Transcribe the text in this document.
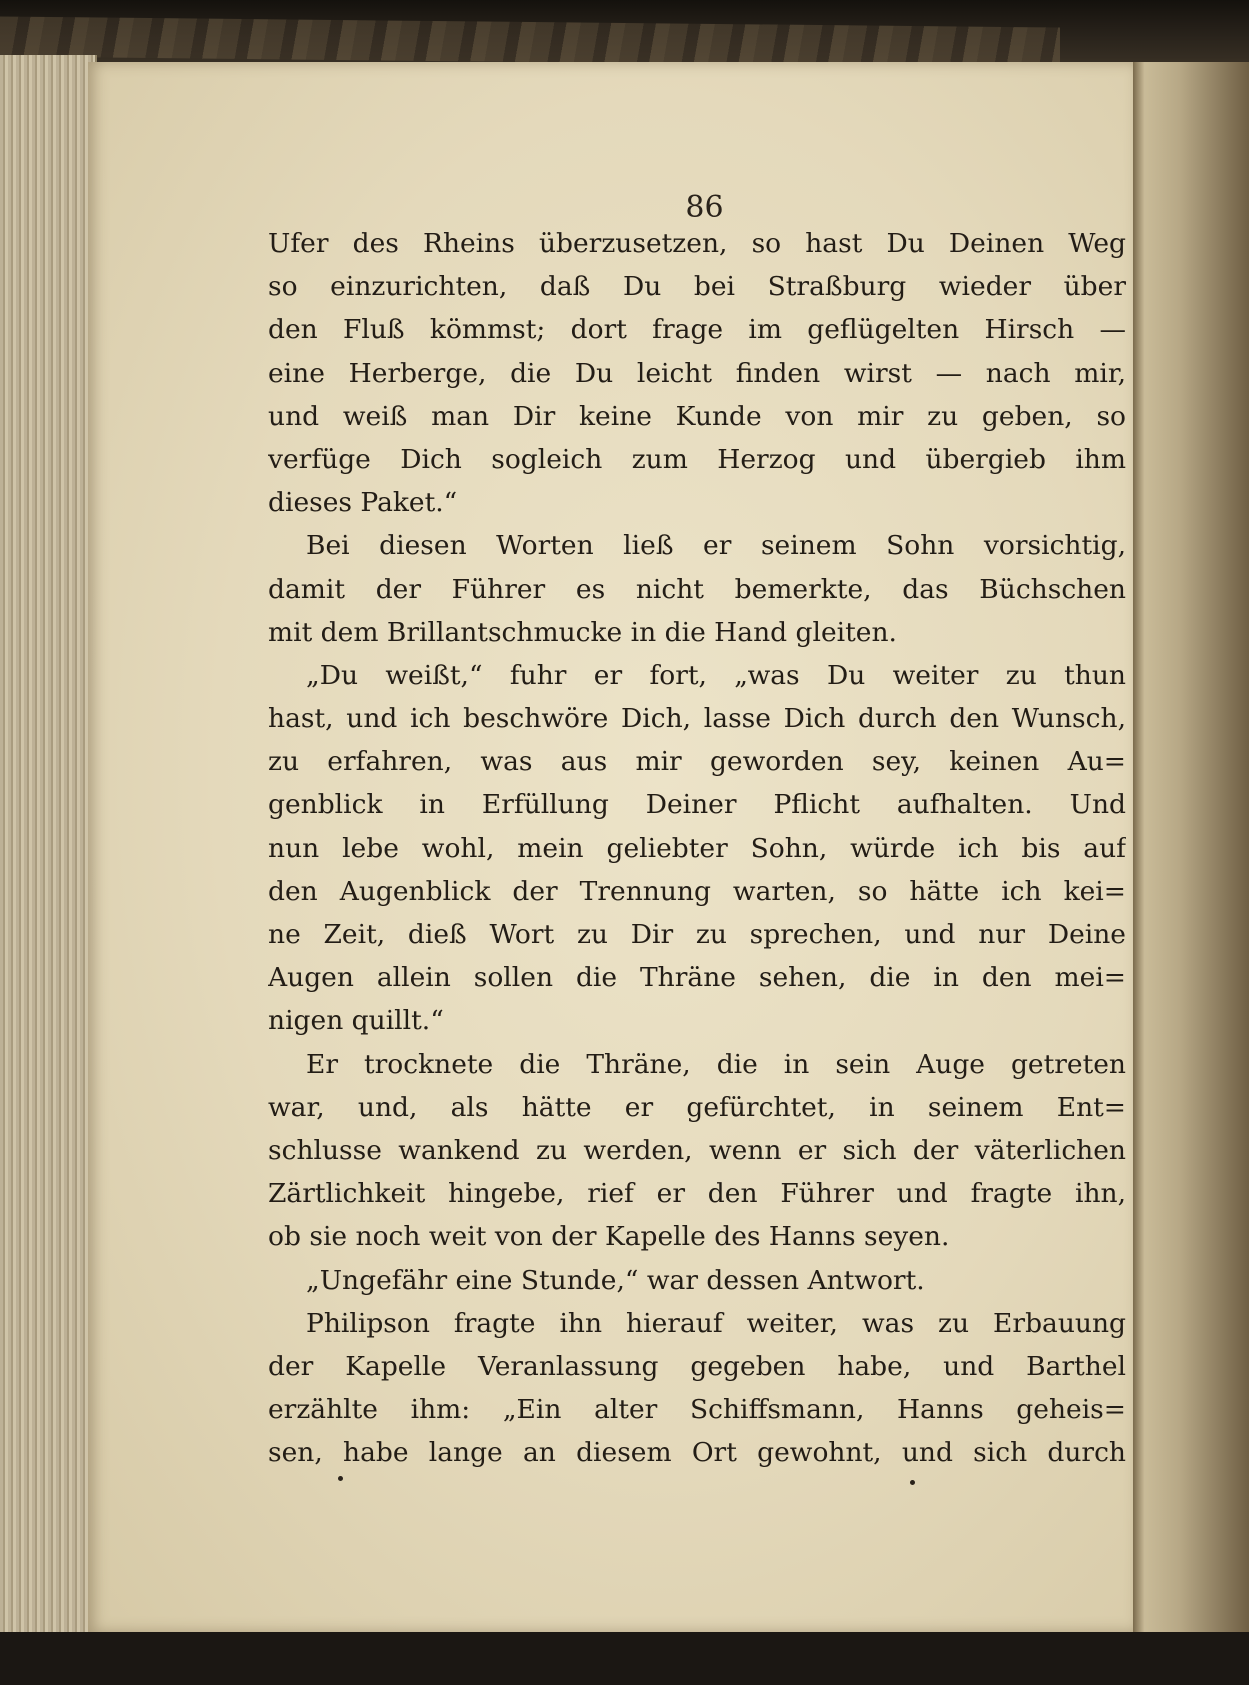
86
Ufer des Rheins überzusetzen, so hast Du Deinen Weg
so einzurichten, daß Du bei Straßburg wieder über
den Fluß kömmst; dort frage im geflügelten Hirsch —
eine Herberge, die Du leicht finden wirst — nach mir,
und weiß man Dir keine Kunde von mir zu geben, so
verfüge Dich sogleich zum Herzog und übergieb ihm
dieses Paket.“
Bei diesen Worten ließ er seinem Sohn vorsichtig,
damit der Führer es nicht bemerkte, das Büchschen
mit dem Brillantschmucke in die Hand gleiten.
„Du weißt,“ fuhr er fort, „was Du weiter zu thun
hast, und ich beschwöre Dich, lasse Dich durch den Wunsch,
zu erfahren, was aus mir geworden sey, keinen Au=
genblick in Erfüllung Deiner Pflicht aufhalten. Und
nun lebe wohl, mein geliebter Sohn, würde ich bis auf
den Augenblick der Trennung warten, so hätte ich kei=
ne Zeit, dieß Wort zu Dir zu sprechen, und nur Deine
Augen allein sollen die Thräne sehen, die in den mei=
nigen quillt.“
Er trocknete die Thräne, die in sein Auge getreten
war, und, als hätte er gefürchtet, in seinem Ent=
schlusse wankend zu werden, wenn er sich der väterlichen
Zärtlichkeit hingebe, rief er den Führer und fragte ihn,
ob sie noch weit von der Kapelle des Hanns seyen.
„Ungefähr eine Stunde,“ war dessen Antwort.
Philipson fragte ihn hierauf weiter, was zu Erbauung
der Kapelle Veranlassung gegeben habe, und Barthel
erzählte ihm: „Ein alter Schiffsmann, Hanns geheis=
sen, habe lange an diesem Ort gewohnt, und sich durch
